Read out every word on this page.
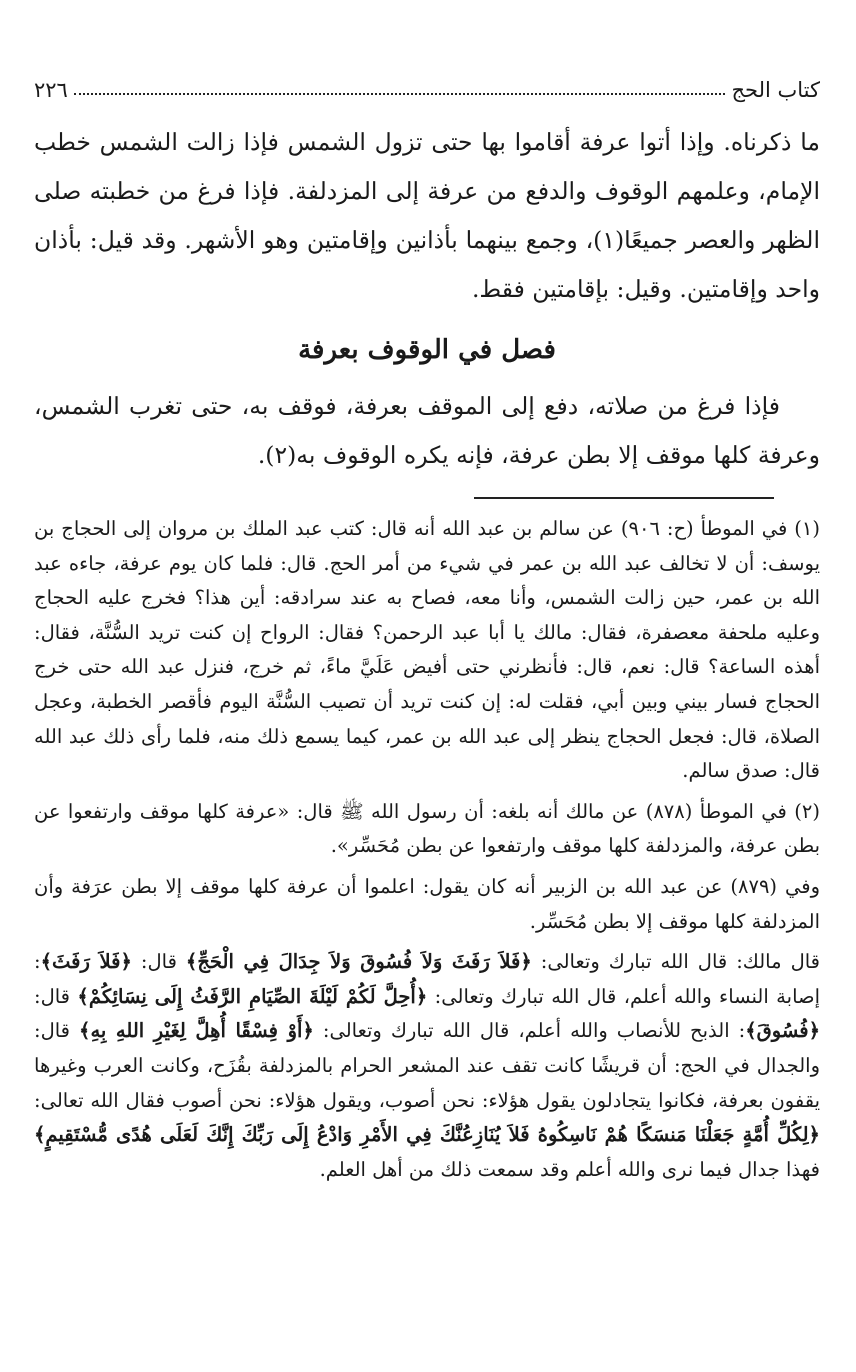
كتاب الحج
٢٢٦

ما ذكرناه. وإذا أتوا عرفة أقاموا بها حتى تزول الشمس فإذا زالت الشمس خطب الإمام، وعلمهم الوقوف والدفع من عرفة إلى المزدلفة. فإذا فرغ من خطبته صلى الظهر والعصر جميعًا(١)، وجمع بينهما بأذانين وإقامتين وهو الأشهر. وقد قيل: بأذان واحد وإقامتين. وقيل: بإقامتين فقط.

فصل في الوقوف بعرفة

فإذا فرغ من صلاته، دفع إلى الموقف بعرفة، فوقف به، حتى تغرب الشمس، وعرفة كلها موقف إلا بطن عرفة، فإنه يكره الوقوف به(٢).

(١) في الموطأ (ح: ٩٠٦) عن سالم بن عبد الله أنه قال: كتب عبد الملك بن مروان إلى الحجاج بن يوسف: أن لا تخالف عبد الله بن عمر في شيء من أمر الحج. قال: فلما كان يوم عرفة، جاءه عبد الله بن عمر، حين زالت الشمس، وأنا معه، فصاح به عند سرادقه: أين هذا؟ فخرج عليه الحجاج وعليه ملحفة معصفرة، فقال: مالك يا أبا عبد الرحمن؟ فقال: الرواح إن كنت تريد السُّنَّة، فقال: أهذه الساعة؟ قال: نعم، قال: فأنظرني حتى أفيض عَلَيَّ ماءً، ثم خرج، فنزل عبد الله حتى خرج الحجاج فسار بيني وبين أبي، فقلت له: إن كنت تريد أن تصيب السُّنَّة اليوم فأقصر الخطبة، وعجل الصلاة، قال: فجعل الحجاج ينظر إلى عبد الله بن عمر، كيما يسمع ذلك منه، فلما رأى ذلك عبد الله قال: صدق سالم.

(٢) في الموطأ (٨٧٨) عن مالك أنه بلغه: أن رسول الله ﷺ قال: «عرفة كلها موقف وارتفعوا عن بطن عرفة، والمزدلفة كلها موقف وارتفعوا عن بطن مُحَسِّر».

وفي (٨٧٩) عن عبد الله بن الزبير أنه كان يقول: اعلموا أن عرفة كلها موقف إلا بطن عرَفة وأن المزدلفة كلها موقف إلا بطن مُحَسِّر.

قال مالك: قال الله تبارك وتعالى: ﴿فَلاَ رَفَثَ وَلاَ فُسُوقَ وَلاَ جِدَالَ فِي الْحَجِّ﴾ قال: ﴿فَلاَ رَفَثَ﴾: إصابة النساء والله أعلم، قال الله تبارك وتعالى: ﴿أُحِلَّ لَكُمْ لَيْلَةَ الصِّيَامِ الرَّفَثُ إِلَى نِسَائِكُمْ﴾ قال: ﴿فُسُوقَ﴾: الذبح للأنصاب والله أعلم، قال الله تبارك وتعالى: ﴿أَوْ فِسْقًا أُهِلَّ لِغَيْرِ اللهِ بِهِ﴾ قال: والجدال في الحج: أن قريشًا كانت تقف عند المشعر الحرام بالمزدلفة بقُزَح، وكانت العرب وغيرها يقفون بعرفة، فكانوا يتجادلون يقول هؤلاء: نحن أصوب، ويقول هؤلاء: نحن أصوب فقال الله تعالى: ﴿لِكُلِّ أُمَّةٍ جَعَلْنَا مَنسَكًا هُمْ نَاسِكُوهُ فَلاَ يُنَازِعُنَّكَ فِي الأَمْرِ وَادْعُ إِلَى رَبِّكَ إِنَّكَ لَعَلَى هُدًى مُّسْتَقِيمٍ﴾ فهذا جدال فيما نرى والله أعلم وقد سمعت ذلك من أهل العلم.
